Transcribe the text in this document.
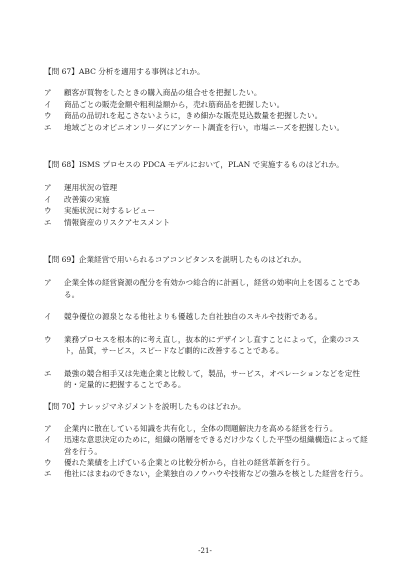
【問 67】ABC 分析を適用する事例はどれか。

ア	顧客が買物をしたときの購入商品の組合せを把握したい。
イ	商品ごとの販売金額や粗利益額から，売れ筋商品を把握したい。
ウ	商品の品切れを起こさないように，きめ細かな販売見込数量を把握したい。
エ	地域ごとのオピニオンリーダにアンケート調査を行い，市場ニーズを把握したい。

【問 68】ISMS プロセスの PDCA モデルにおいて，PLAN で実施するものはどれか。

ア	運用状況の管理
イ	改善策の実施
ウ	実施状況に対するレビュー
エ	情報資産のリスクアセスメント

【問 69】企業経営で用いられるコアコンピタンスを説明したものはどれか。

ア	企業全体の経営資源の配分を有効かつ総合的に計画し，経営の効率向上を図ることである。
イ	競争優位の源泉となる他社よりも優越した自社独自のスキルや技術である。
ウ	業務プロセスを根本的に考え直し，抜本的にデザインし直すことによって，企業のコスト，品質，サービス，スピードなど劇的に改善することである。
エ	最強の競合相手又は先進企業と比較して，製品，サービス，オペレーションなどを定性的・定量的に把握することである。

【問 70】ナレッジマネジメントを説明したものはどれか。

ア	企業内に散在している知識を共有化し，全体の問題解決力を高める経営を行う。
イ	迅速な意思決定のために，組織の階層をできるだけ少なくした平型の組織構造によって経営を行う。
ウ	優れた業績を上げている企業との比較分析から，自社の経営革新を行う。
エ	他社にはまねのできない，企業独自のノウハウや技術などの強みを核とした経営を行う。
-21-
